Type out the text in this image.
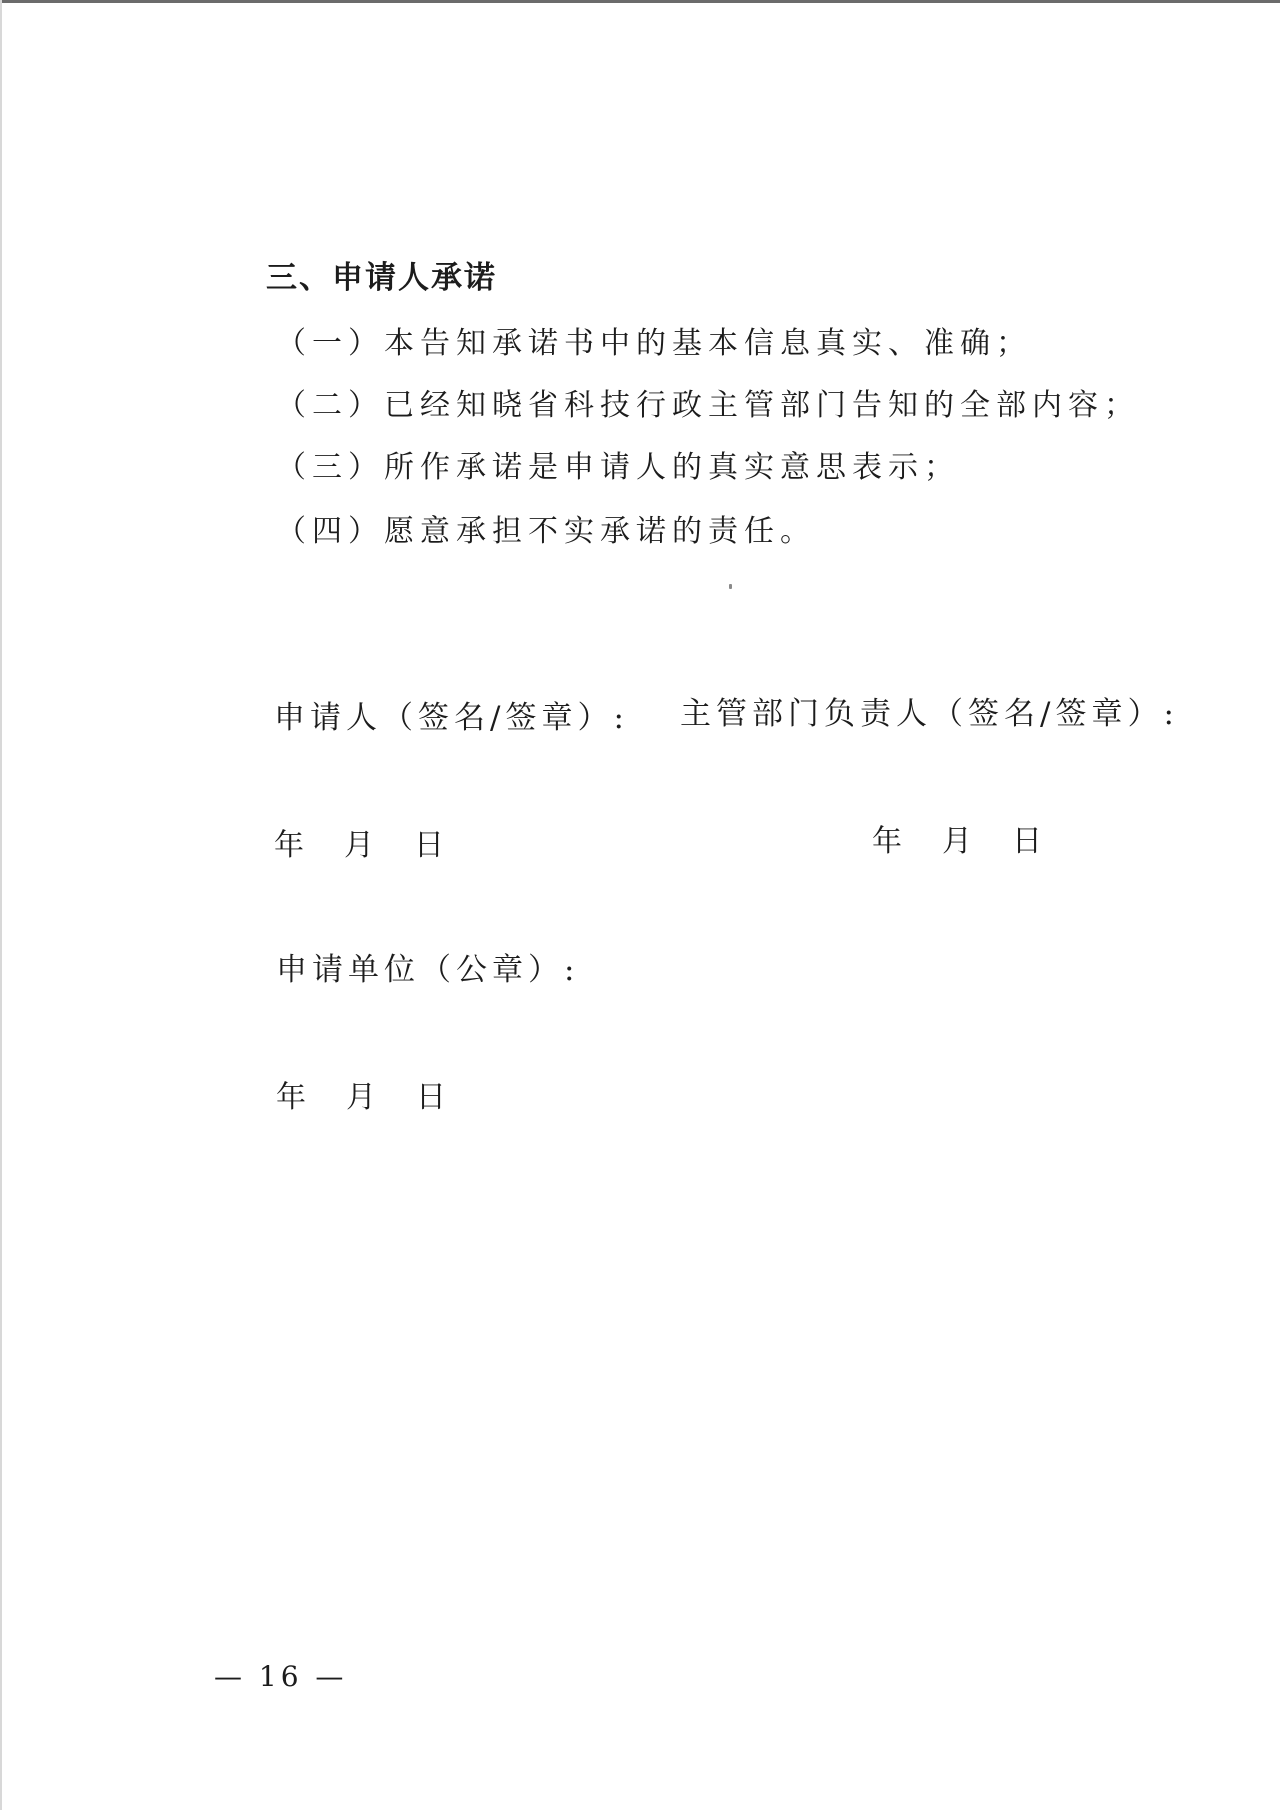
三、申请人承诺
（一）本告知承诺书中的基本信息真实、准确；
（二）已经知晓省科技行政主管部门告知的全部内容；
（三）所作承诺是申请人的真实意思表示；
（四）愿意承担不实承诺的责任。
申请人（签名/签章）: 主管部门负责人（签名/签章）:
年 月 日	年 月 日
申请单位（公章）:
年 月 日
— 16 —
